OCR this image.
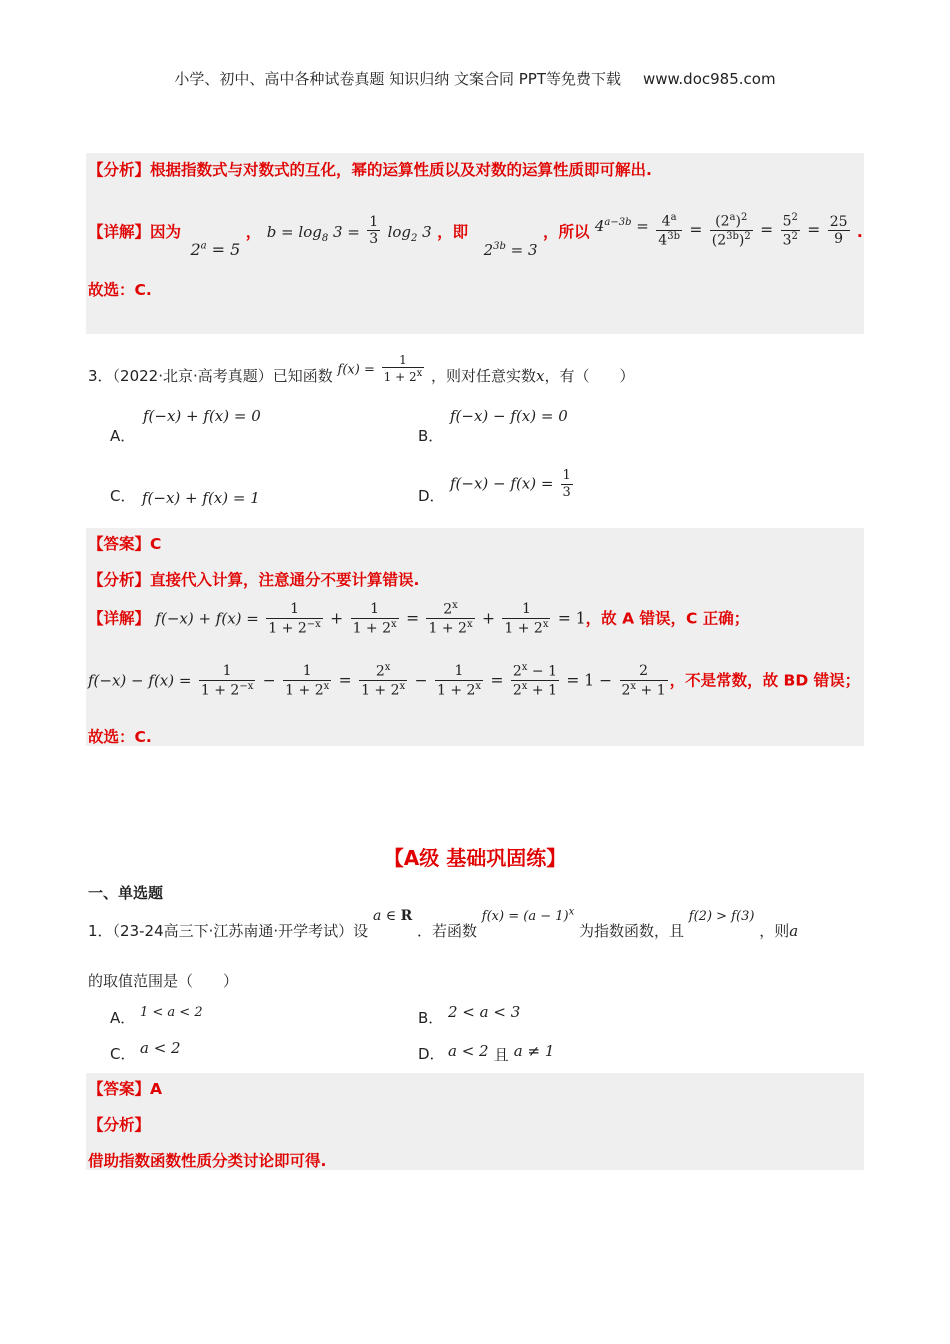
小学、初中、高中各种试卷真题 知识归纳 文案合同 PPT等免费下载 www.doc985.com
【分析】根据指数式与对数式的互化，幂的运算性质以及对数的运算性质即可解出.
【详解】因为 $2^a = 5$ ， $b = \log_8 3 = \frac{1}{3} \log_2 3$ ，即 $2^{3b} = 3$ ，所以 $4^{a-3b} = \frac{4^a}{4^{3b}} = \frac{(2^a)^2}{(2^{3b})^2} = \frac{5^2}{3^2} = \frac{25}{9}$ .
故选：C.
3．（2022·北京·高考真题）已知函数 $f(x) = \frac{1}{1 + 2^x}$ ，则对任意实数x，有（　　）
A．
f(−x) + f(x) = 0
B．
f(−x) − f(x) = 0
C． f(−x) + f(x) = 1	D．
$f(-x) - f(x) = \frac{1}{3}$
【答案】C
【分析】直接代入计算，注意通分不要计算错误.
【详解】 $f(-x) + f(x) = \frac{1}{1 + 2^{-x}} + \frac{1}{1 + 2^x} = \frac{2^x}{1 + 2^x} + \frac{1}{1 + 2^x} = 1$，故 A 错误，C 正确；
$f(-x) - f(x) = \frac{1}{1 + 2^{-x}} - \frac{1}{1 + 2^x} = \frac{2^x}{1 + 2^x} - \frac{1}{1 + 2^x} = \frac{2^x - 1}{2^x + 1} = 1 - \frac{2}{2^x + 1}$ ，不是常数，故 BD 错误；
故选：C.
【A级 基础巩固练】
一、单选题
1．（23-24高三下·江苏南通·开学考试）设 a ∈ R ．若函数 $f(x) = (a - 1)^x$ 为指数函数，且 f(2) > f(3) ，则a
的取值范围是（　　）
A． 1 < a < 2	B． 2 < a < 3
C． a < 2	D． a < 2 且 a ≠ 1
【答案】A
【分析】
借助指数函数性质分类讨论即可得.
